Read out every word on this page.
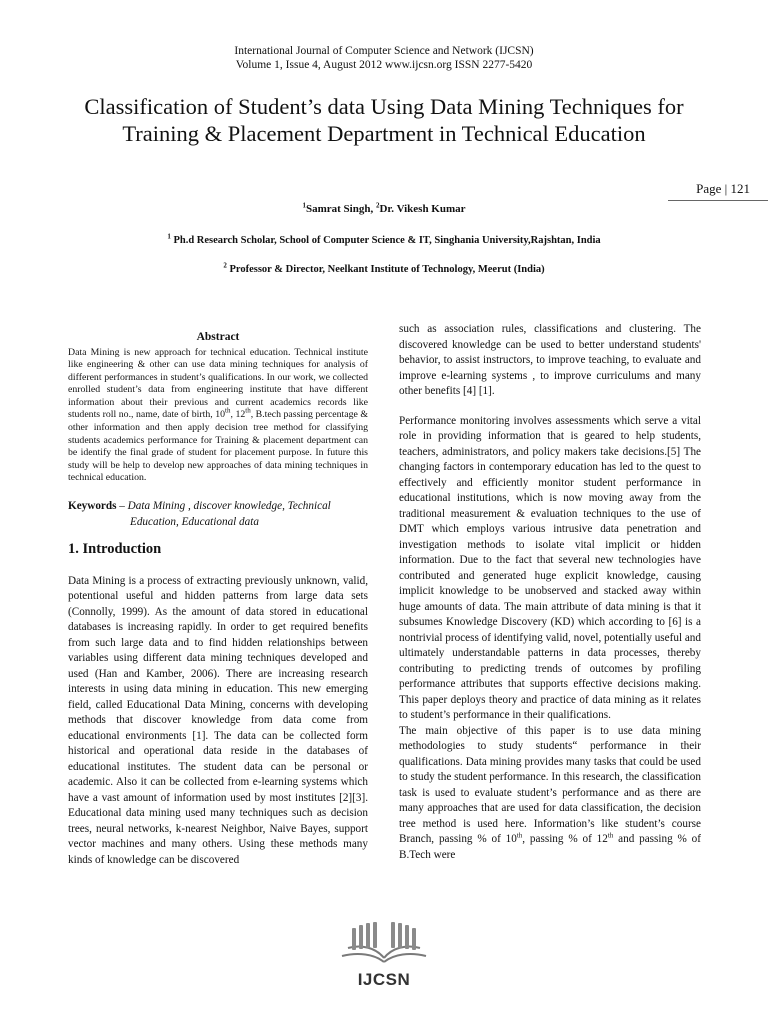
International Journal of Computer Science and Network (IJCSN)
Volume 1, Issue 4, August 2012 www.ijcsn.org ISSN 2277-5420
Classification of Student’s data Using Data Mining Techniques for Training & Placement Department in Technical Education
Page | 121
$^1$Samrat Singh, $^2$Dr. Vikesh Kumar
$^1$ Ph.d Research Scholar, School of Computer Science & IT, Singhania University,Rajshtan, India
$^2$ Professor & Director, Neelkant Institute of Technology, Meerut (India)
Abstract

Data Mining is new approach for technical education. Technical institute like engineering & other can use data mining techniques for analysis of different performances in student’s qualifications. In our work, we collected enrolled student’s data from engineering institute that have different information about their previous and current academics records like students roll no., name, date of birth, 10th, 12th, B.tech passing percentage & other information and then apply decision tree method for classifying students academics performance for Training & placement department can be identify the final grade of student for placement purpose. In future this study will be help to develop new approaches of data mining techniques in technical education.

Keywords – Data Mining , discover knowledge, Technical
Education, Educational data
1. Introduction

Data Mining is a process of extracting previously unknown, valid, potentional useful and hidden patterns from large data sets (Connolly, 1999). As the amount of data stored in educational databases is increasing rapidly. In order to get required benefits from such large data and to find hidden relationships between variables using different data mining techniques developed and used (Han and Kamber, 2006). There are increasing research interests in using data mining in education. This new emerging field, called Educational Data Mining, concerns with developing methods that discover knowledge from data come from educational environments [1]. The data can be collected form historical and operational data reside in the databases of educational institutes. The student data can be personal or academic. Also it can be collected from e-learning systems which have a vast amount of information used by most institutes [2][3]. Educational data mining used many techniques such as decision trees, neural networks, k-nearest Neighbor, Naive Bayes, support vector machines and many others. Using these methods many kinds of knowledge can be discovered

such as association rules, classifications and clustering. The discovered knowledge can be used to better understand students' behavior, to assist instructors, to improve teaching, to evaluate and improve e-learning systems , to improve curriculums and many other benefits [4] [1].

Performance monitoring involves assessments which serve a vital role in providing information that is geared to help students, teachers, administrators, and policy makers take decisions.[5] The changing factors in contemporary education has led to the quest to effectively and efficiently monitor student performance in educational institutions, which is now moving away from the traditional measurement & evaluation techniques to the use of DMT which employs various intrusive data penetration and investigation methods to isolate vital implicit or hidden information. Due to the fact that several new technologies have contributed and generated huge explicit knowledge, causing implicit knowledge to be unobserved and stacked away within huge amounts of data. The main attribute of data mining is that it subsumes Knowledge Discovery (KD) which according to [6] is a nontrivial process of identifying valid, novel, potentially useful and ultimately understandable patterns in data processes, thereby contributing to predicting trends of outcomes by profiling performance attributes that supports effective decisions making. This paper deploys theory and practice of data mining as it relates to student’s performance in their qualifications.

The main objective of this paper is to use data mining methodologies to study students“ performance in their qualifications. Data mining provides many tasks that could be used to study the student performance. In this research, the classification task is used to evaluate student’s performance and as there are many approaches that are used for data classification, the decision tree method is used here. Information’s like student’s course Branch, passing % of 10th, passing % of 12th and passing % of B.Tech were

IJCSN
